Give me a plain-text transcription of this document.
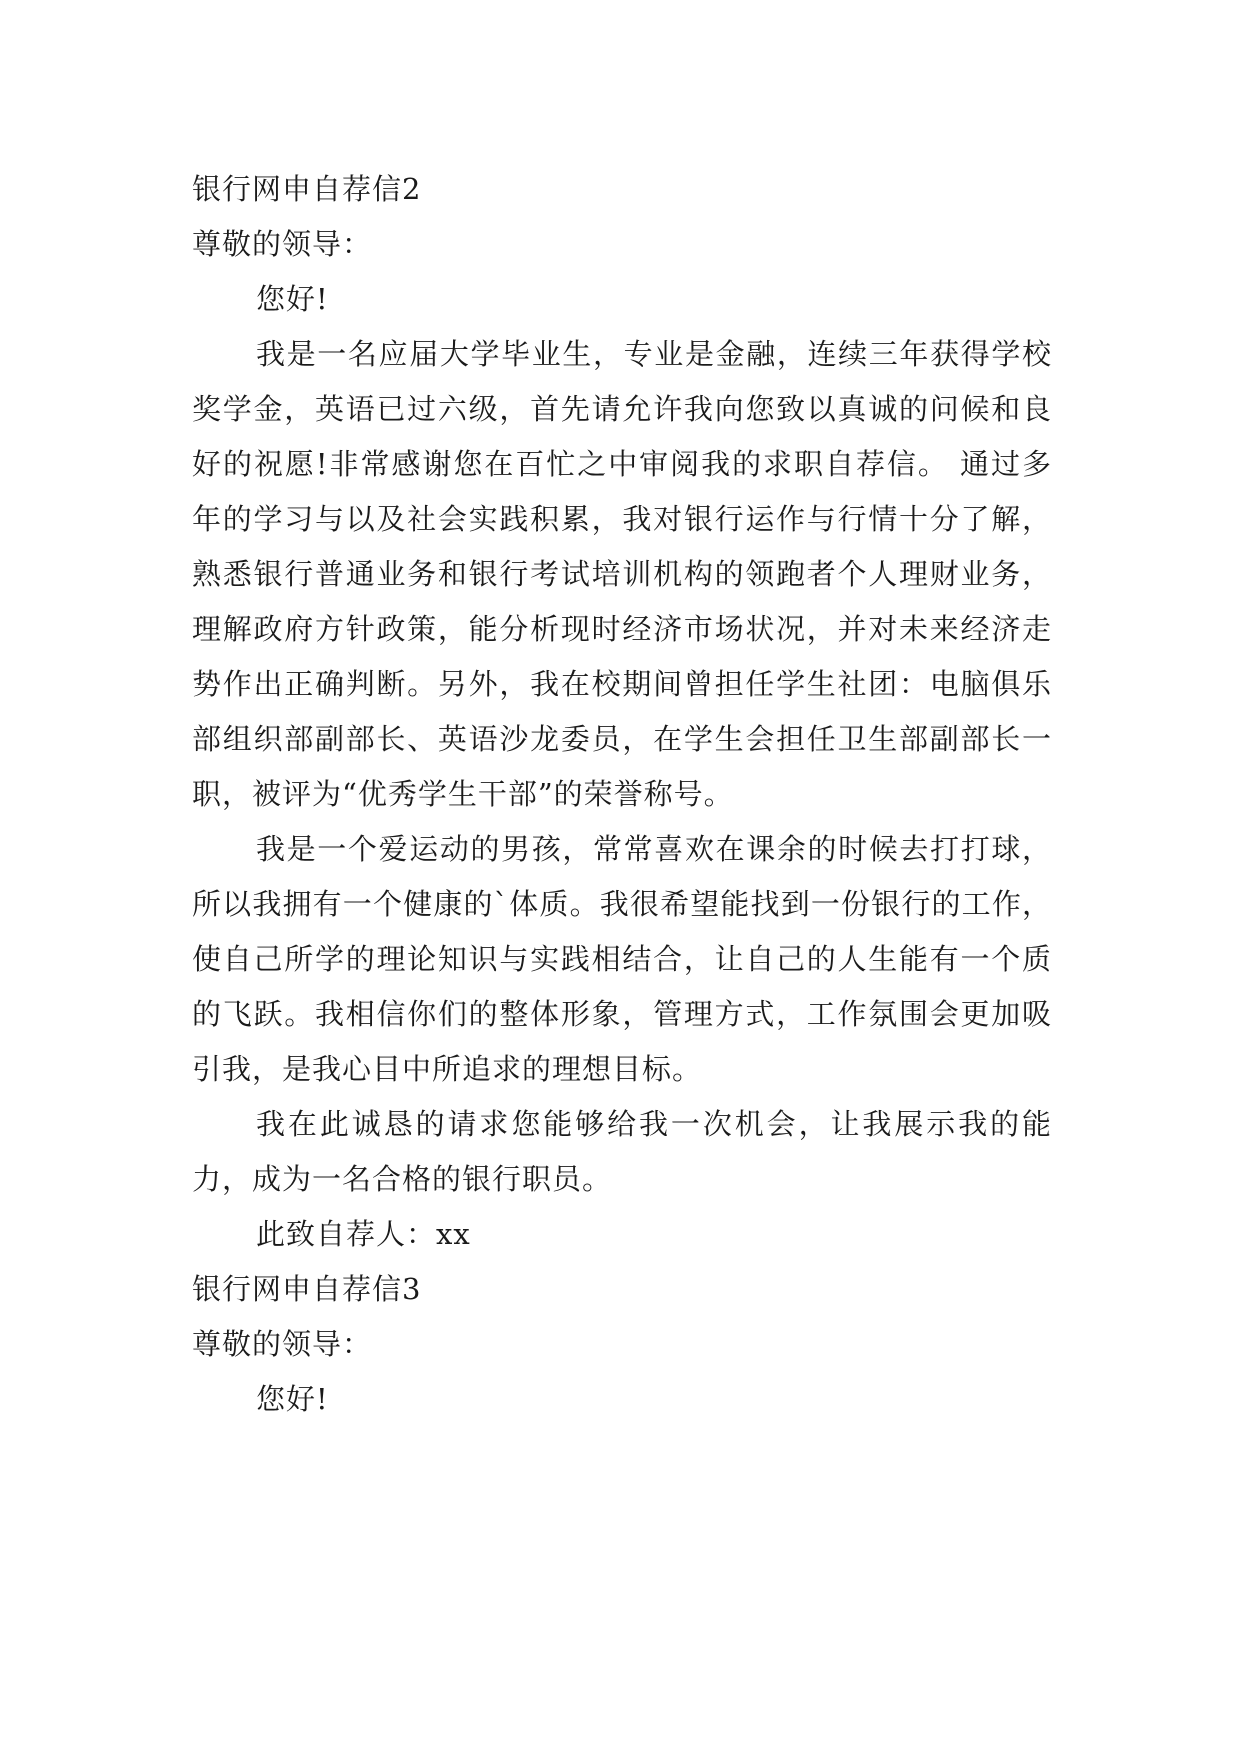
银行网申自荐信2
尊敬的领导：
您好!

我是一名应届大学毕业生，专业是金融，连续三年获得学校奖学金，英语已过六级，首先请允许我向您致以真诚的问候和良好的祝愿!非常感谢您在百忙之中审阅我的求职自荐信。 通过多年的学习与以及社会实践积累，我对银行运作与行情十分了解，熟悉银行普通业务和银行考试培训机构的领跑者个人理财业务，理解政府方针政策，能分析现时经济市场状况，并对未来经济走势作出正确判断。另外，我在校期间曾担任学生社团：电脑俱乐部组织部副部长、英语沙龙委员，在学生会担任卫生部副部长一职，被评为“优秀学生干部”的荣誉称号。

我是一个爱运动的男孩，常常喜欢在课余的时候去打打球，所以我拥有一个健康的`体质。我很希望能找到一份银行的工作，使自己所学的理论知识与实践相结合，让自己的人生能有一个质的飞跃。我相信你们的整体形象，管理方式，工作氛围会更加吸引我，是我心目中所追求的理想目标。

我在此诚恳的请求您能够给我一次机会，让我展示我的能力，成为一名合格的银行职员。

此致自荐人：xx
银行网申自荐信3
尊敬的领导：
您好!
